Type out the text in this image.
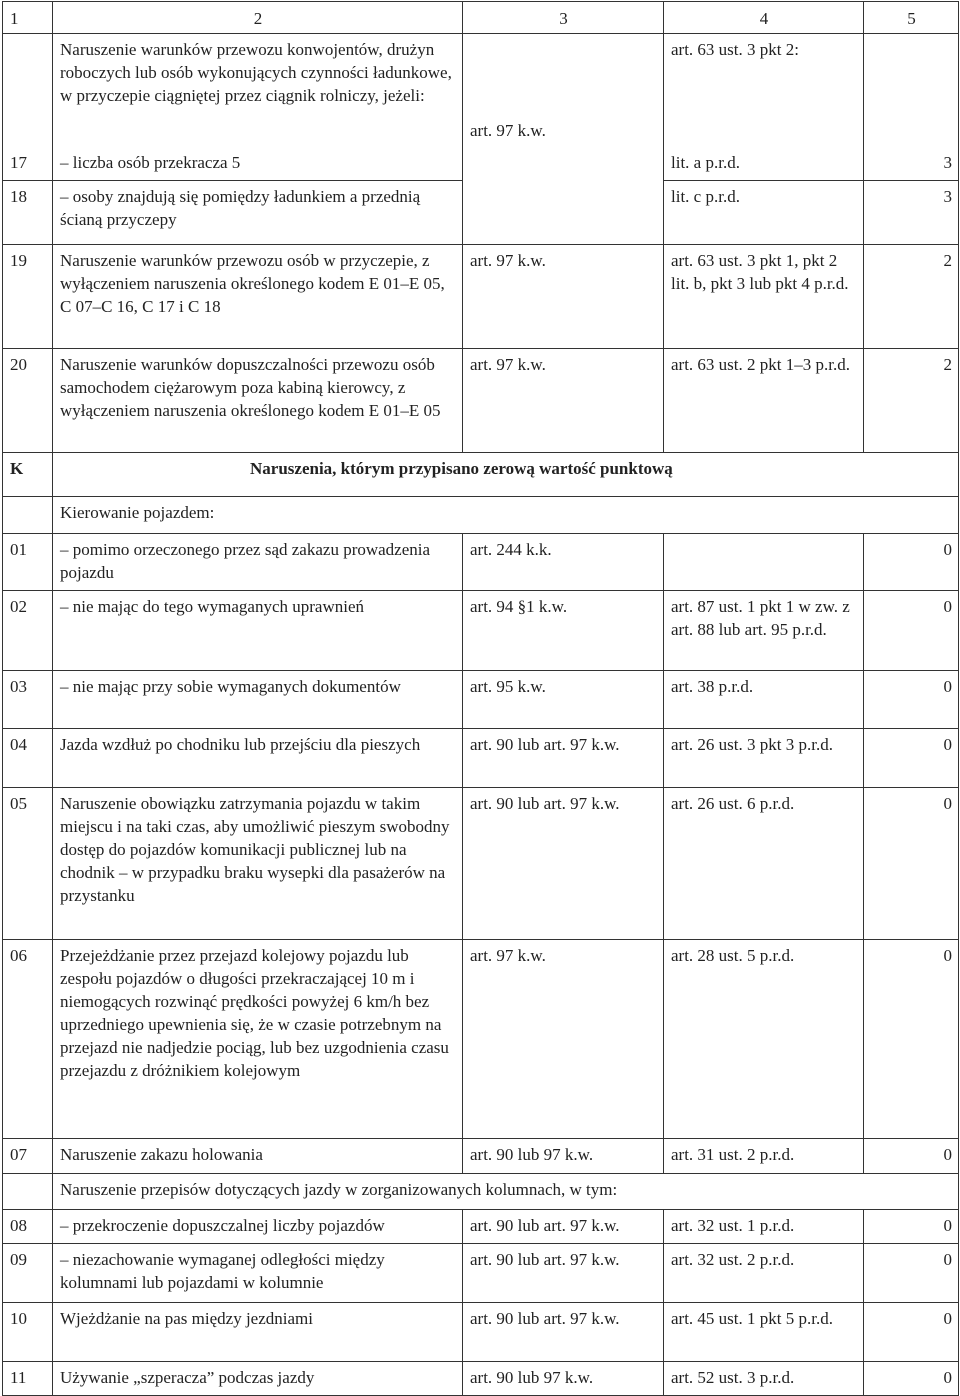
1	2	3	4	5
	Naruszenie warunków przewozu konwojentów, drużyn roboczych lub osób wykonujących czynności ładunkowe, w przyczepie ciągniętej przez ciągnik rolniczy, jeżeli:	art. 97 k.w.	art. 63 ust. 3 pkt 2:	
17	– liczba osób przekracza 5		lit. a p.r.d.	3
18	– osoby znajdują się pomiędzy ładunkiem a przednią ścianą przyczepy		lit. c p.r.d.	3
19	Naruszenie warunków przewozu osób w przyczepie, z wyłączeniem naruszenia określonego kodem E 01–E 05, C 07–C 16, C 17 i C 18	art. 97 k.w.	art. 63 ust. 3 pkt 1, pkt 2 lit. b, pkt 3 lub pkt 4 p.r.d.	2
20	Naruszenie warunków dopuszczalności przewozu osób samochodem ciężarowym poza kabiną kierowcy, z wyłączeniem naruszenia określonego kodem E 01–E 05	art. 97 k.w.	art. 63 ust. 2 pkt 1–3 p.r.d.	2
K	Naruszenia, którym przypisano zerową wartość punktową			
	Kierowanie pojazdem:			
01	– pomimo orzeczonego przez sąd zakazu prowadzenia pojazdu	art. 244 k.k.		0
02	– nie mając do tego wymaganych uprawnień	art. 94 §1 k.w.	art. 87 ust. 1 pkt 1 w zw. z art. 88 lub art. 95 p.r.d.	0
03	– nie mając przy sobie wymaganych dokumentów	art. 95 k.w.	art. 38 p.r.d.	0
04	Jazda wzdłuż po chodniku lub przejściu dla pieszych	art. 90 lub art. 97 k.w.	art. 26 ust. 3 pkt 3 p.r.d.	0
05	Naruszenie obowiązku zatrzymania pojazdu w takim miejscu i na taki czas, aby umożliwić pieszym swobodny dostęp do pojazdów komunikacji publicznej lub na chodnik – w przypadku braku wysepki dla pasażerów na przystanku	art. 90 lub art. 97 k.w.	art. 26 ust. 6 p.r.d.	0
06	Przejeżdżanie przez przejazd kolejowy pojazdu lub zespołu pojazdów o długości przekraczającej 10 m i niemogących rozwinąć prędkości powyżej 6 km/h bez uprzedniego upewnienia się, że w czasie potrzebnym na przejazd nie nadjedzie pociąg, lub bez uzgodnienia czasu przejazdu z dróżnikiem kolejowym	art. 97 k.w.	art. 28 ust. 5 p.r.d.	0
07	Naruszenie zakazu holowania	art. 90 lub 97 k.w.	art. 31 ust. 2 p.r.d.	0
	Naruszenie przepisów dotyczących jazdy w zorganizowanych kolumnach, w tym:			
08	– przekroczenie dopuszczalnej liczby pojazdów	art. 90 lub art. 97 k.w.	art. 32 ust. 1 p.r.d.	0
09	– niezachowanie wymaganej odległości między kolumnami lub pojazdami w kolumnie	art. 90 lub art. 97 k.w.	art. 32 ust. 2 p.r.d.	0
10	Wjeżdżanie na pas między jezdniami	art. 90 lub art. 97 k.w.	art. 45 ust. 1 pkt 5 p.r.d.	0
11	Używanie „szperacza” podczas jazdy	art. 90 lub 97 k.w.	art. 52 ust. 3 p.r.d.	0
